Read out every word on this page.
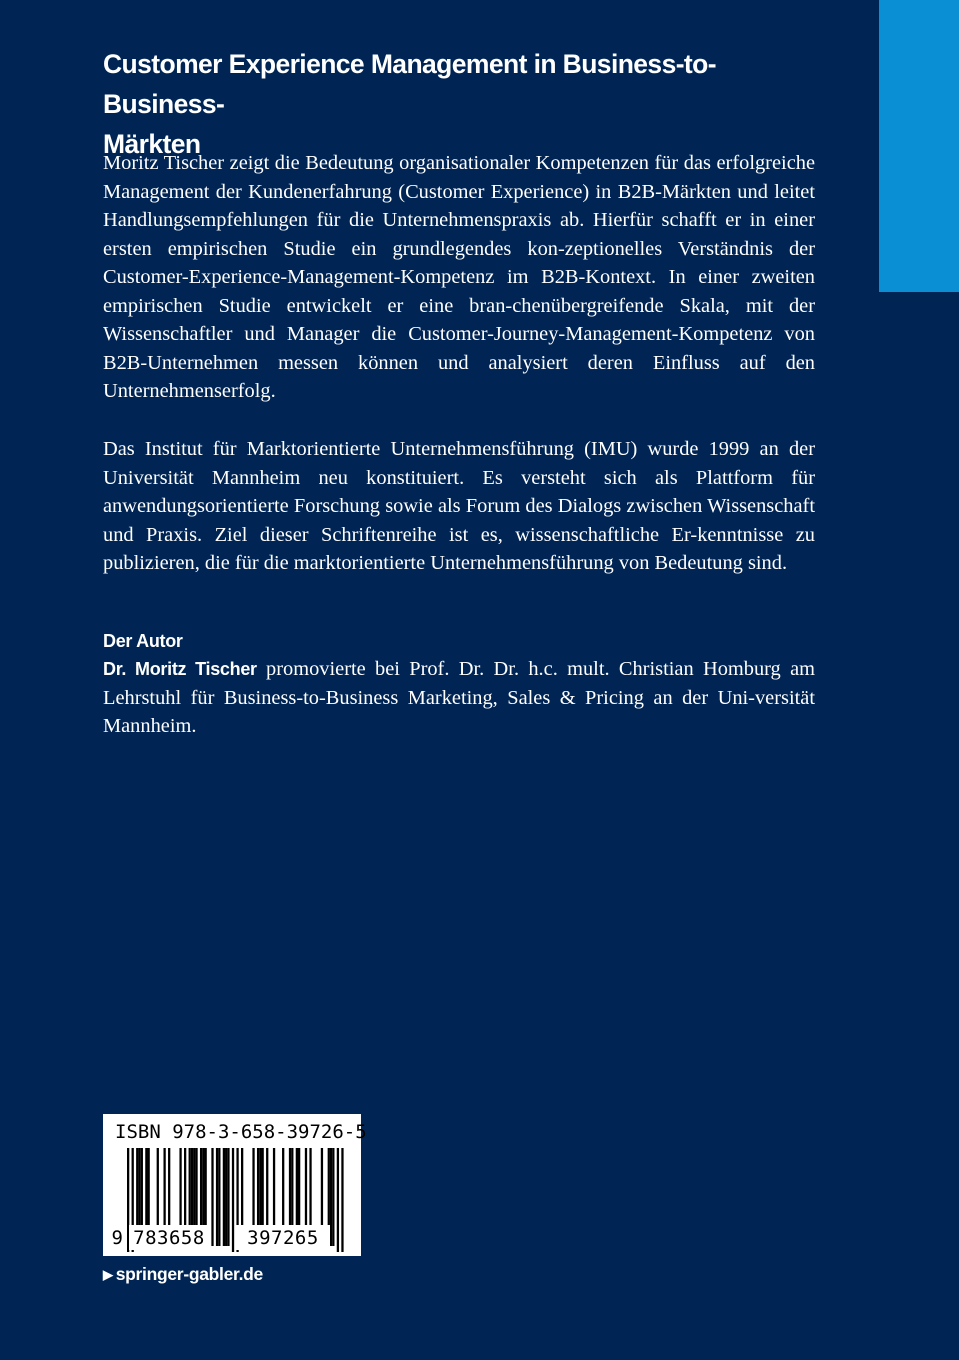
Customer Experience Management in Business-to-Business-
Märkten

Moritz Tischer zeigt die Bedeutung organisationaler Kompetenzen für das erfolgreiche Management der Kundenerfahrung (Customer Experience) in B2B-Märkten und leitet Handlungsempfehlungen für die Unternehmenspraxis ab. Hierfür schafft er in einer ersten empirischen Studie ein grundlegendes kon-zeptionelles Verständnis der Customer-Experience-Management-Kompetenz im B2B-Kontext. In einer zweiten empirischen Studie entwickelt er eine bran-chenübergreifende Skala, mit der Wissenschaftler und Manager die Customer-Journey-Management-Kompetenz von B2B-Unternehmen messen können und analysiert deren Einfluss auf den Unternehmenserfolg.

Das Institut für Marktorientierte Unternehmensführung (IMU) wurde 1999 an der Universität Mannheim neu konstituiert. Es versteht sich als Plattform für anwendungsorientierte Forschung sowie als Forum des Dialogs zwischen Wissenschaft und Praxis. Ziel dieser Schriftenreihe ist es, wissenschaftliche Er-kenntnisse zu publizieren, die für die marktorientierte Unternehmensführung von Bedeutung sind.

Der Autor

Dr. Moritz Tischer promovierte bei Prof. Dr. Dr. h.c. mult. Christian Homburg am Lehrstuhl für Business-to-Business Marketing, Sales & Pricing an der Uni-versität Mannheim.

9 783658 397265
ISBN 978-3-658-39726-5
▶ springer-gabler.de
